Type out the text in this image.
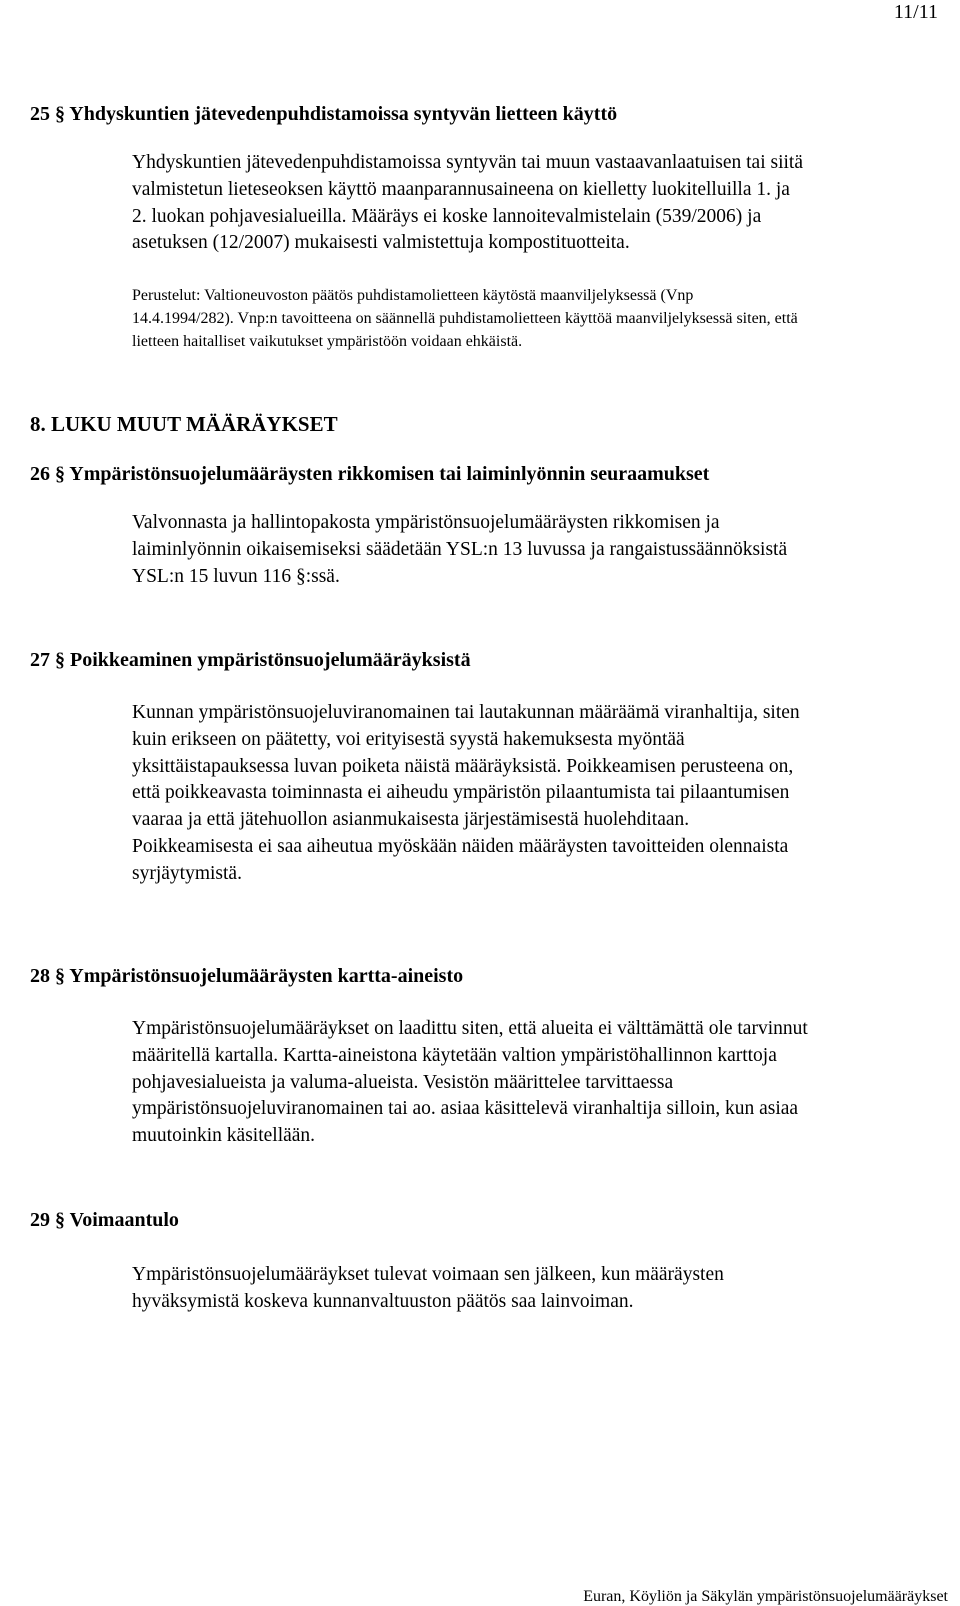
11/11
25 § Yhdyskuntien jätevedenpuhdistamoissa syntyvän lietteen käyttö
Yhdyskuntien jätevedenpuhdistamoissa syntyvän tai muun vastaavanlaatuisen tai siitä
valmistetun lieteseoksen käyttö maanparannusaineena on kielletty luokitelluilla 1. ja
2. luokan pohjavesialueilla. Määräys ei koske lannoitevalmistelain (539/2006) ja
asetuksen (12/2007) mukaisesti valmistettuja kompostituotteita.
Perustelut: Valtioneuvoston päätös puhdistamolietteen käytöstä maanviljelyksessä (Vnp
14.4.1994/282). Vnp:n tavoitteena on säännellä puhdistamolietteen käyttöä maanviljelyksessä siten, että
lietteen haitalliset vaikutukset ympäristöön voidaan ehkäistä.
8. LUKU MUUT MÄÄRÄYKSET
26 § Ympäristönsuojelumääräysten rikkomisen tai laiminlyönnin seuraamukset
Valvonnasta ja hallintopakosta ympäristönsuojelumääräysten rikkomisen ja
laiminlyönnin oikaisemiseksi säädetään YSL:n 13 luvussa ja rangaistussäännöksistä
YSL:n 15 luvun 116 §:ssä.
27 § Poikkeaminen ympäristönsuojelumääräyksistä
Kunnan ympäristönsuojeluviranomainen tai lautakunnan määräämä viranhaltija, siten
kuin erikseen on päätetty, voi erityisestä syystä hakemuksesta myöntää
yksittäistapauksessa luvan poiketa näistä määräyksistä. Poikkeamisen perusteena on,
että poikkeavasta toiminnasta ei aiheudu ympäristön pilaantumista tai pilaantumisen
vaaraa ja että jätehuollon asianmukaisesta järjestämisestä huolehditaan.
Poikkeamisesta ei saa aiheutua myöskään näiden määräysten tavoitteiden olennaista
syrjäytymistä.
28 § Ympäristönsuojelumääräysten kartta-aineisto
Ympäristönsuojelumääräykset on laadittu siten, että alueita ei välttämättä ole tarvinnut
määritellä kartalla. Kartta-aineistona käytetään valtion ympäristöhallinnon karttoja
pohjavesialueista ja valuma-alueista. Vesistön määrittelee tarvittaessa
ympäristönsuojeluviranomainen tai ao. asiaa käsittelevä viranhaltija silloin, kun asiaa
muutoinkin käsitellään.
29 § Voimaantulo
Ympäristönsuojelumääräykset tulevat voimaan sen jälkeen, kun määräysten
hyväksymistä koskeva kunnanvaltuuston päätös saa lainvoiman.
Euran, Köyliön ja Säkylän ympäristönsuojelumääräykset
